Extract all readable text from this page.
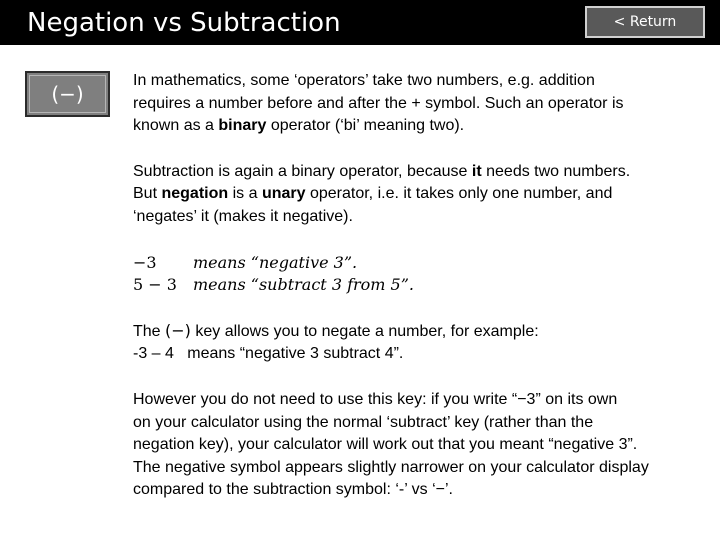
Negation vs Subtraction	< Return
(−)
In mathematics, some ‘operators’ take two numbers, e.g. addition
requires a number before and after the + symbol. Such an operator is
known as a binary operator (‘bi’ meaning two).
Subtraction is again a binary operator, because it needs two numbers.
But negation is a unary operator, i.e. it takes only one number, and
‘negates’ it (makes it negative).
−3	means “negative 3”.
5 − 3	means “subtract 3 from 5”.
The (−) key allows you to negate a number, for example:
-3 – 4   means “negative 3 subtract 4”.
However you do not need to use this key: if you write “−3” on its own
on your calculator using the normal ‘subtract’ key (rather than the
negation key), your calculator will work out that you meant “negative 3”.
The negative symbol appears slightly narrower on your calculator display
compared to the subtraction symbol: ‘-’ vs ‘−’.
